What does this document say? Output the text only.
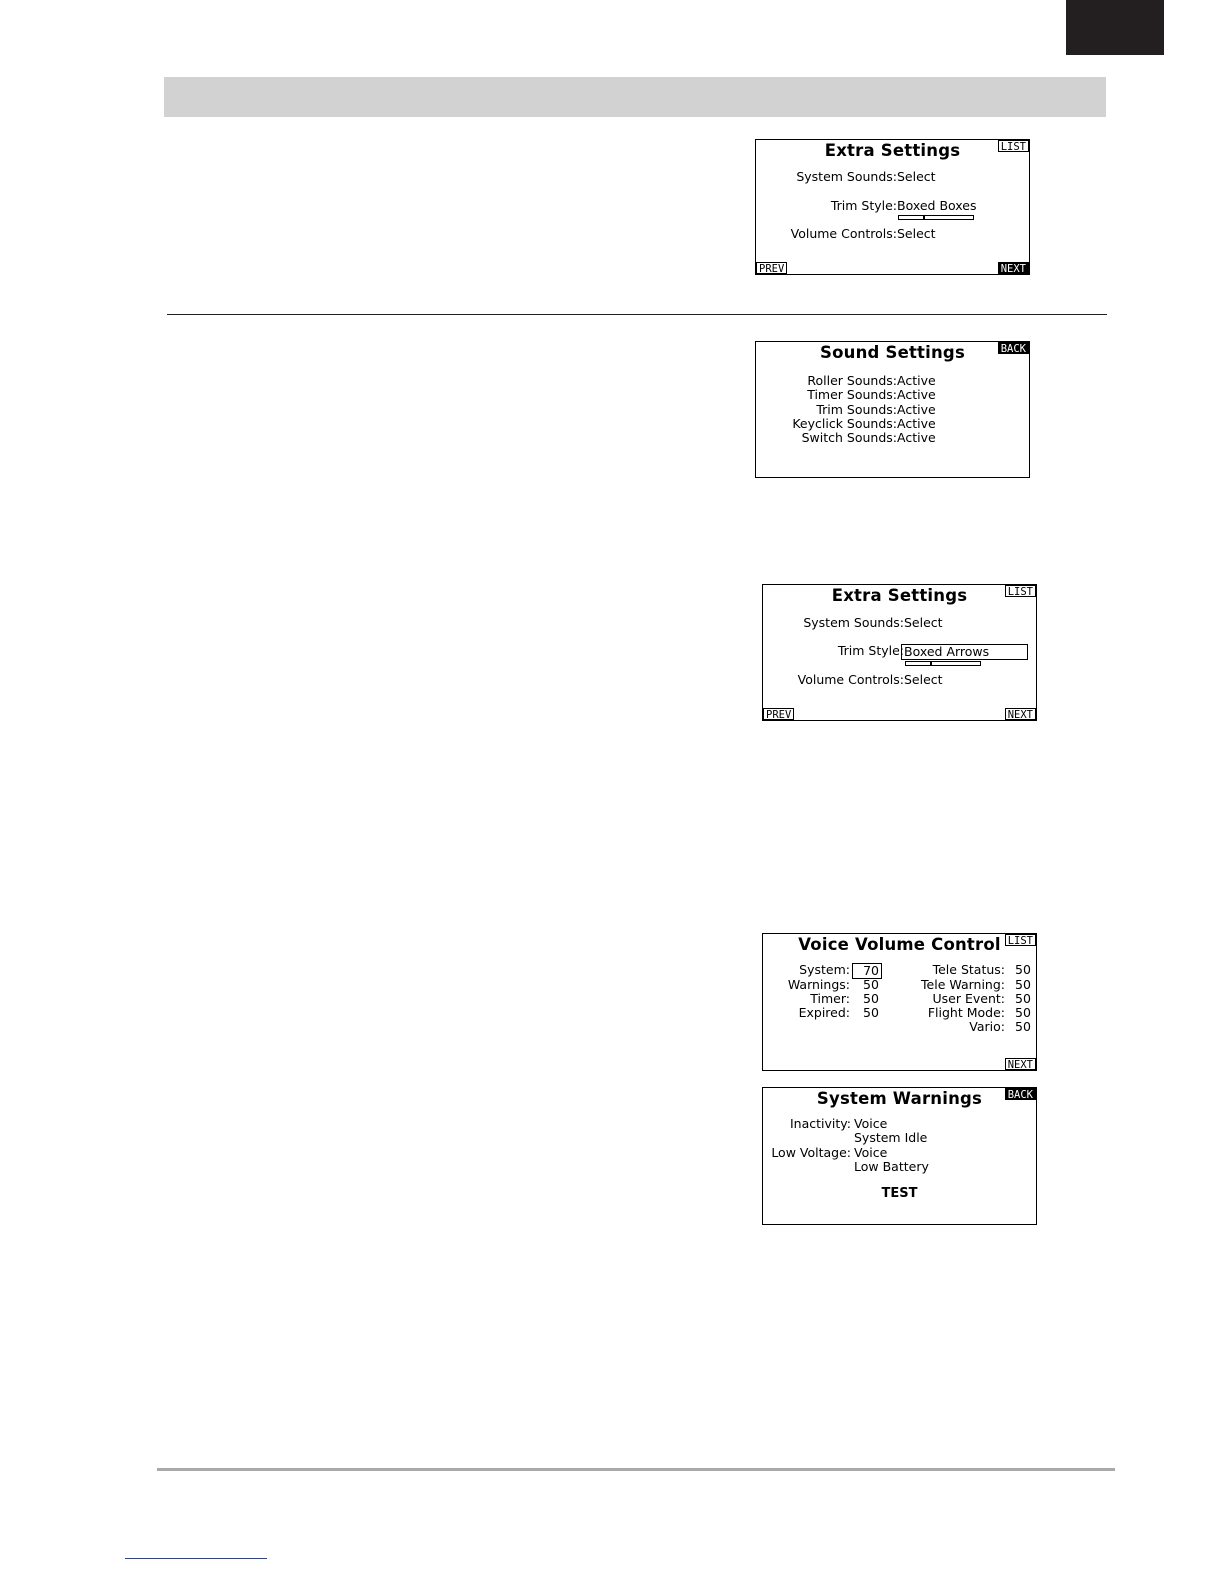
Extra Settings	LIST
System Sounds: Select
Trim Style: Boxed Boxes
Volume Controls: Select
PREV	NEXT
Sound Settings	BACK
Roller Sounds: Active
Timer Sounds: Active
Trim Sounds: Active
Keyclick Sounds: Active
Switch Sounds: Active
Extra Settings	LIST
System Sounds: Select
Trim Style: Boxed Arrows
Volume Controls: Select
PREV	NEXT
Voice Volume Control LIST
System:	70
Warnings: 50
Timer: 50
Expired: 50
Tele Status: 50
Tele Warning: 50
User Event: 50
Flight Mode: 50
Vario: 50
NEXT
System Warnings	BACK
Inactivity: Voice
System Idle
Low Voltage: Voice
Low Battery
TEST
